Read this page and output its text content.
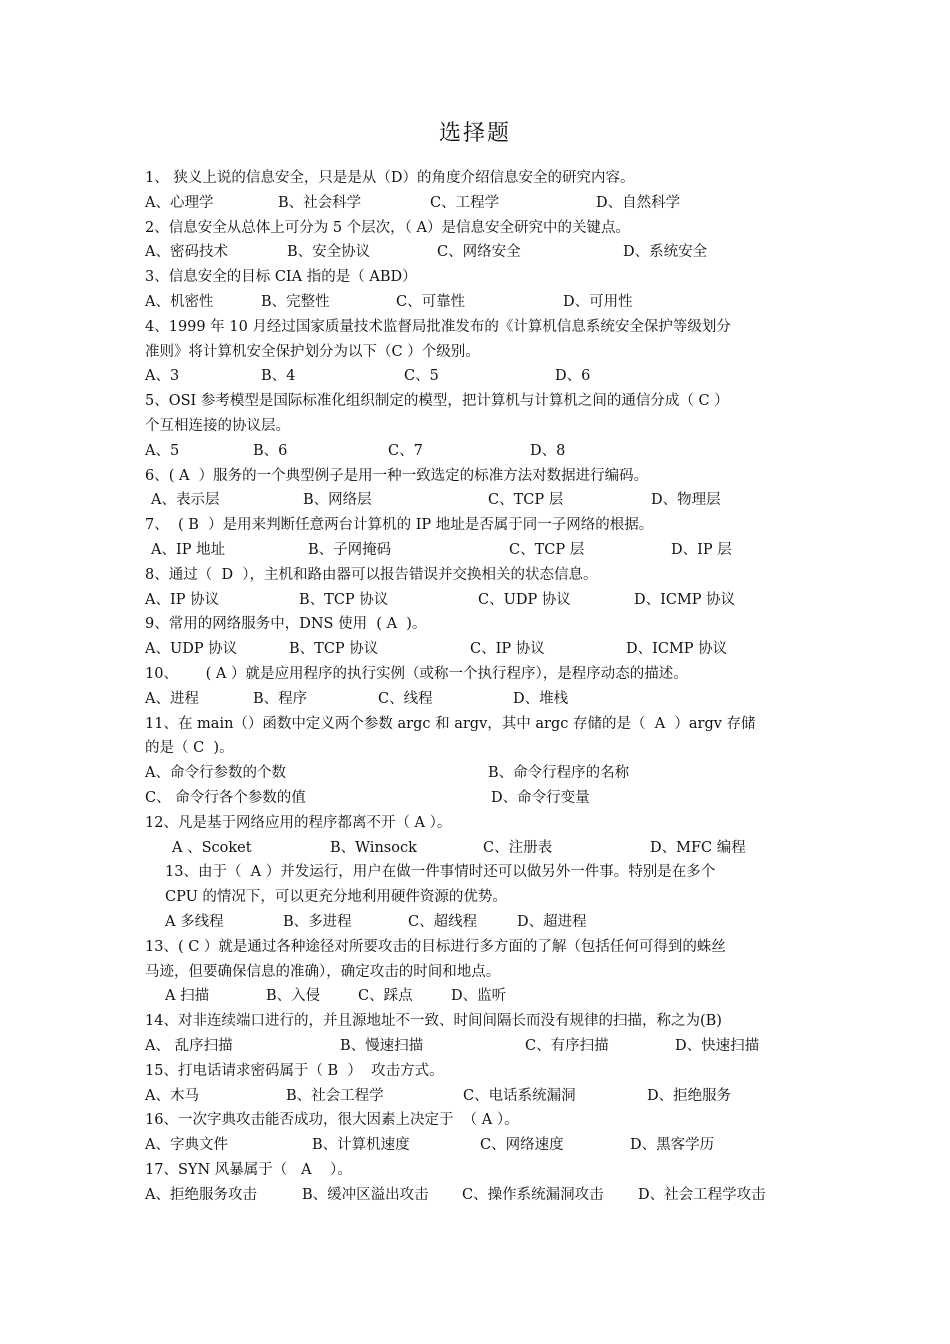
选择题
1、 狭义上说的信息安全，只是是从（D）的角度介绍信息安全的研究内容。
A、心理学	B、社会科学	C、工程学	D、自然科学
2、信息安全从总体上可分为 5 个层次，（ A）是信息安全研究中的关键点。
A、密码技术	B、安全协议	C、网络安全	D、系统安全
3、信息安全的目标 CIA 指的是（ ABD）
A、机密性	B、完整性	C、可靠性	D、可用性
4、1999 年 10 月经过国家质量技术监督局批准发布的《计算机信息系统安全保护等级划分
准则》将计算机安全保护划分为以下（C ）个级别。
A、3	B、4	C、5	D、6
5、OSI 参考模型是国际标准化组织制定的模型，把计算机与计算机之间的通信分成（ C ）
个互相连接的协议层。
A、5	B、6	C、7	D、8
6、( A  ）服务的一个典型例子是用一种一致选定的标准方法对数据进行编码。
A、表示层	B、网络层	C、TCP 层	D、物理层
7、  ( B  ）是用来判断任意两台计算机的 IP 地址是否属于同一子网络的根据。
A、IP 地址	B、子网掩码	C、TCP 层	D、IP 层
8、通过（  D  ），主机和路由器可以报告错误并交换相关的状态信息。
A、IP 协议	B、TCP 协议	C、UDP 协议	D、ICMP 协议
9、常用的网络服务中，DNS 使用  ( A  )。
A、UDP 协议	B、TCP 协议	C、IP 协议	D、ICMP 协议
10、      ( A ）就是应用程序的执行实例（或称一个执行程序），是程序动态的描述。
A、进程	B、程序	C、线程	D、堆栈
11、在 main（）函数中定义两个参数 argc 和 argv，其中 argc 存储的是（  A  ）argv 存储
的是（ C  )。
A、命令行参数的个数	B、命令行程序的名称
C、 命令行各个参数的值	D、命令行变量
12、凡是基于网络应用的程序都离不开（ A ）。
A 、Scoket	B、Winsock	C、注册表	D、MFC 编程
13、由于（  A ）并发运行，用户在做一件事情时还可以做另外一件事。特别是在多个
CPU 的情况下，可以更充分地利用硬件资源的优势。
A 多线程	B、多进程	C、超线程	D、超进程
13、( C ）就是通过各种途径对所要攻击的目标进行多方面的了解（包括任何可得到的蛛丝
马迹，但要确保信息的准确），确定攻击的时间和地点。
A 扫描	B、入侵	C、踩点	D、监听
14、对非连续端口进行的，并且源地址不一致、时间间隔长而没有规律的扫描，称之为(B)
A、 乱序扫描	B、慢速扫描	C、有序扫描	D、快速扫描
15、打电话请求密码属于（ B  ）  攻击方式。
A、木马	B、社会工程学	C、电话系统漏洞	D、拒绝服务
16、一次字典攻击能否成功，很大因素上决定于  （ A ）。
A、字典文件	B、计算机速度	C、网络速度	D、黑客学历
17、SYN 风暴属于（   A    ）。
A、拒绝服务攻击	B、缓冲区溢出攻击 C、操作系统漏洞攻击 D、社会工程学攻击
